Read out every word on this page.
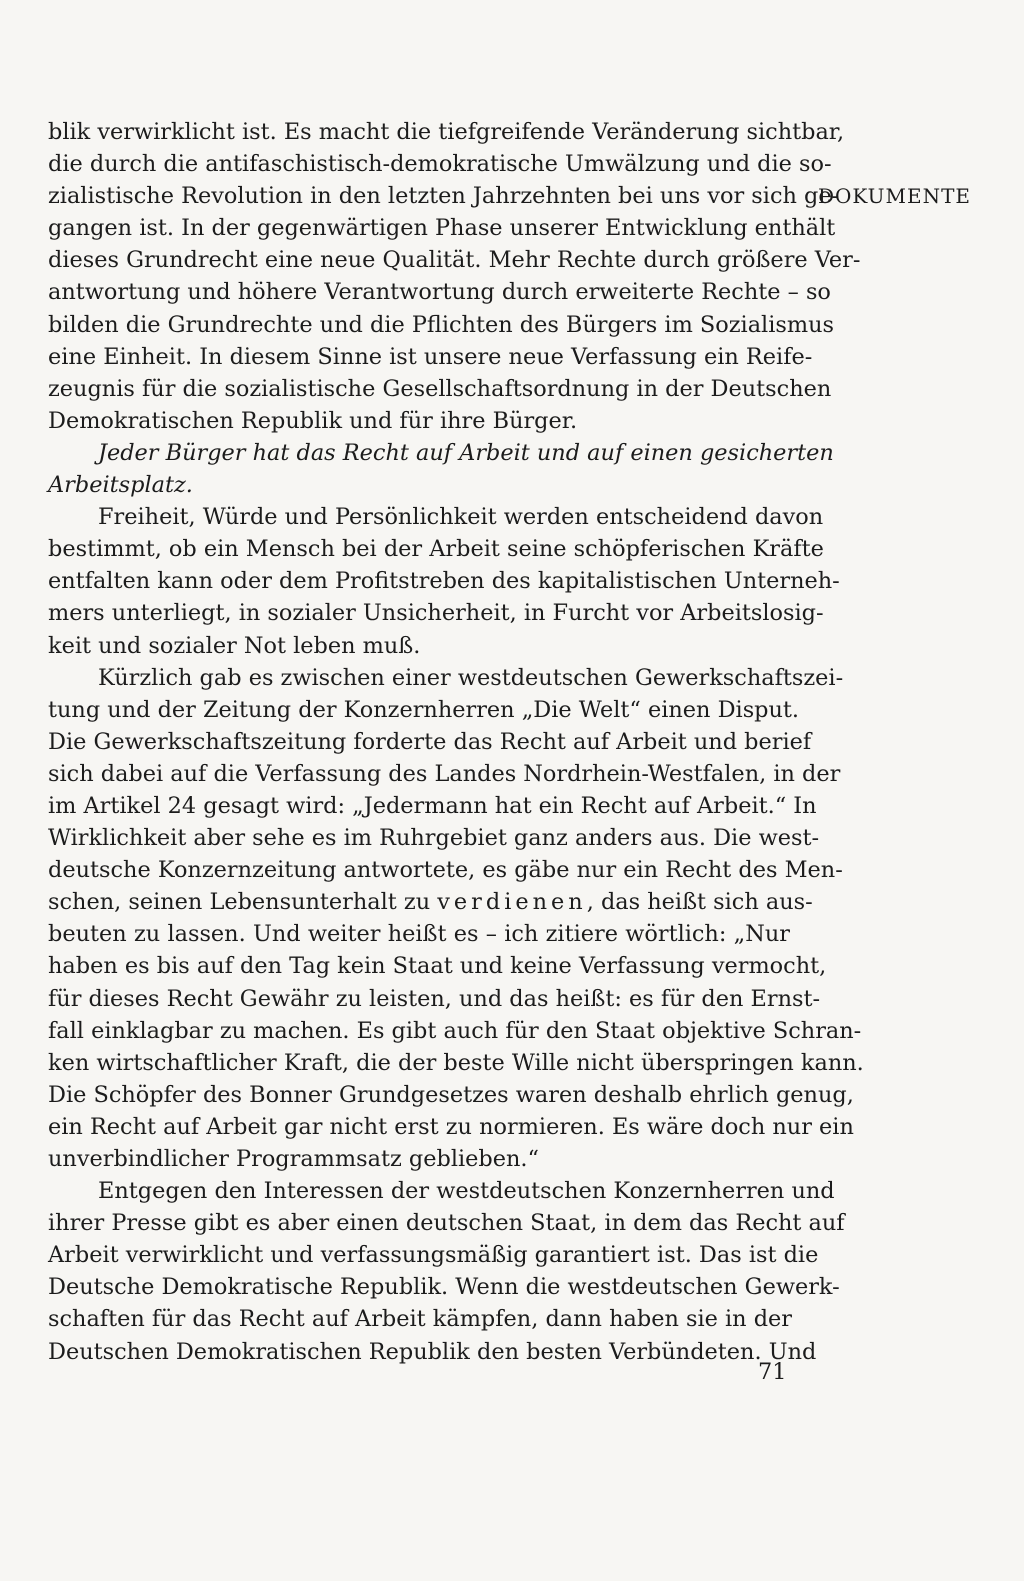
blik verwirklicht ist. Es macht die tiefgreifende Veränderung sichtbar,
die durch die antifaschistisch-demokratische Umwälzung und die so-
zialistische Revolution in den letzten Jahrzehnten bei uns vor sich ge-
gangen ist. In der gegenwärtigen Phase unserer Entwicklung enthält
dieses Grundrecht eine neue Qualität. Mehr Rechte durch größere Ver-
antwortung und höhere Verantwortung durch erweiterte Rechte – so
bilden die Grundrechte und die Pflichten des Bürgers im Sozialismus
eine Einheit. In diesem Sinne ist unsere neue Verfassung ein Reife-
zeugnis für die sozialistische Gesellschaftsordnung in der Deutschen
Demokratischen Republik und für ihre Bürger.
Jeder Bürger hat das Recht auf Arbeit und auf einen gesicherten
Arbeitsplatz.
Freiheit, Würde und Persönlichkeit werden entscheidend davon
bestimmt, ob ein Mensch bei der Arbeit seine schöpferischen Kräfte
entfalten kann oder dem Profitstreben des kapitalistischen Unterneh-
mers unterliegt, in sozialer Unsicherheit, in Furcht vor Arbeitslosig-
keit und sozialer Not leben muß.
Kürzlich gab es zwischen einer westdeutschen Gewerkschaftszei-
tung und der Zeitung der Konzernherren „Die Welt“ einen Disput.
Die Gewerkschaftszeitung forderte das Recht auf Arbeit und berief
sich dabei auf die Verfassung des Landes Nordrhein-Westfalen, in der
im Artikel 24 gesagt wird: „Jedermann hat ein Recht auf Arbeit.“ In
Wirklichkeit aber sehe es im Ruhrgebiet ganz anders aus. Die west-
deutsche Konzernzeitung antwortete, es gäbe nur ein Recht des Men-
schen, seinen Lebensunterhalt zu verdienen, das heißt sich aus-
beuten zu lassen. Und weiter heißt es – ich zitiere wörtlich: „Nur
haben es bis auf den Tag kein Staat und keine Verfassung vermocht,
für dieses Recht Gewähr zu leisten, und das heißt: es für den Ernst-
fall einklagbar zu machen. Es gibt auch für den Staat objektive Schran-
ken wirtschaftlicher Kraft, die der beste Wille nicht überspringen kann.
Die Schöpfer des Bonner Grundgesetzes waren deshalb ehrlich genug,
ein Recht auf Arbeit gar nicht erst zu normieren. Es wäre doch nur ein
unverbindlicher Programmsatz geblieben.“
Entgegen den Interessen der westdeutschen Konzernherren und
ihrer Presse gibt es aber einen deutschen Staat, in dem das Recht auf
Arbeit verwirklicht und verfassungsmäßig garantiert ist. Das ist die
Deutsche Demokratische Republik. Wenn die westdeutschen Gewerk-
schaften für das Recht auf Arbeit kämpfen, dann haben sie in der
Deutschen Demokratischen Republik den besten Verbündeten. Und
DOKUMENTE
71
